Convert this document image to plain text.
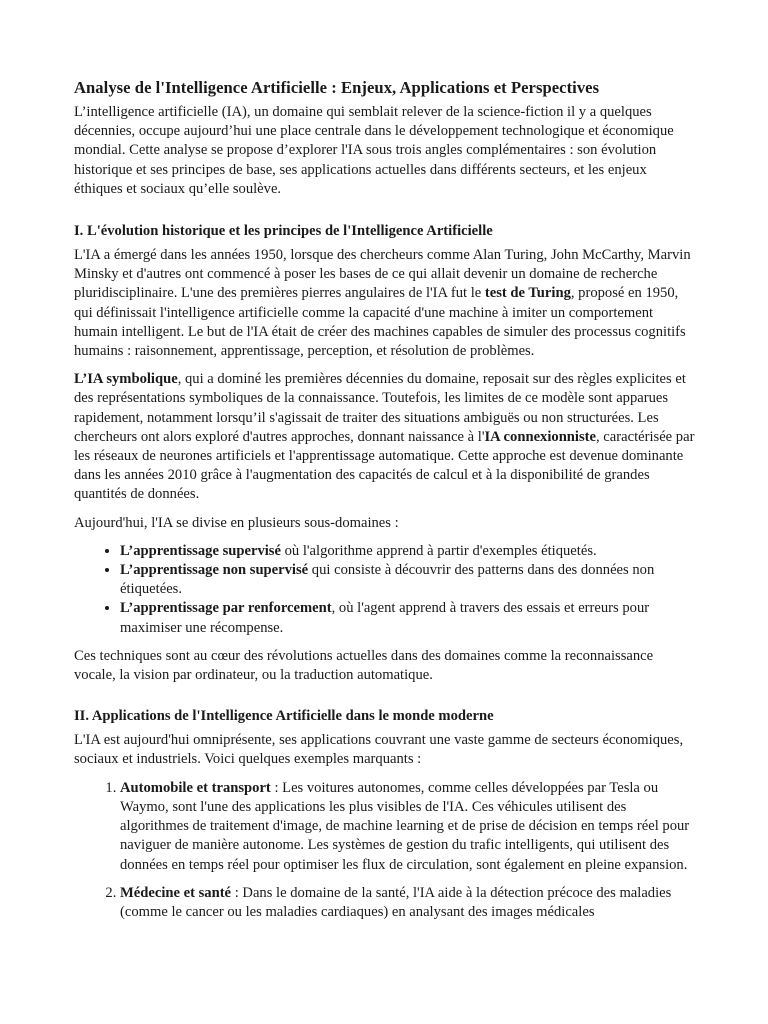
Analyse de l'Intelligence Artificielle : Enjeux, Applications et Perspectives

L’intelligence artificielle (IA), un domaine qui semblait relever de la science-fiction il y a quelques décennies, occupe aujourd’hui une place centrale dans le développement technologique et économique mondial. Cette analyse se propose d’explorer l'IA sous trois angles complémentaires : son évolution historique et ses principes de base, ses applications actuelles dans différents secteurs, et les enjeux éthiques et sociaux qu’elle soulève.

I. L'évolution historique et les principes de l'Intelligence Artificielle

L'IA a émergé dans les années 1950, lorsque des chercheurs comme Alan Turing, John McCarthy, Marvin Minsky et d'autres ont commencé à poser les bases de ce qui allait devenir un domaine de recherche pluridisciplinaire. L'une des premières pierres angulaires de l'IA fut le test de Turing, proposé en 1950, qui définissait l'intelligence artificielle comme la capacité d'une machine à imiter un comportement humain intelligent. Le but de l'IA était de créer des machines capables de simuler des processus cognitifs humains : raisonnement, apprentissage, perception, et résolution de problèmes.

L’IA symbolique, qui a dominé les premières décennies du domaine, reposait sur des règles explicites et des représentations symboliques de la connaissance. Toutefois, les limites de ce modèle sont apparues rapidement, notamment lorsqu’il s'agissait de traiter des situations ambiguës ou non structurées. Les chercheurs ont alors exploré d'autres approches, donnant naissance à l'IA connexionniste, caractérisée par les réseaux de neurones artificiels et l'apprentissage automatique. Cette approche est devenue dominante dans les années 2010 grâce à l'augmentation des capacités de calcul et à la disponibilité de grandes quantités de données.

Aujourd'hui, l'IA se divise en plusieurs sous-domaines :

• L’apprentissage supervisé où l'algorithme apprend à partir d'exemples étiquetés.
• L’apprentissage non supervisé qui consiste à découvrir des patterns dans des données non étiquetées.
• L’apprentissage par renforcement, où l'agent apprend à travers des essais et erreurs pour maximiser une récompense.

Ces techniques sont au cœur des révolutions actuelles dans des domaines comme la reconnaissance vocale, la vision par ordinateur, ou la traduction automatique.

II. Applications de l'Intelligence Artificielle dans le monde moderne

L'IA est aujourd'hui omniprésente, ses applications couvrant une vaste gamme de secteurs économiques, sociaux et industriels. Voici quelques exemples marquants :

1. Automobile et transport : Les voitures autonomes, comme celles développées par Tesla ou Waymo, sont l'une des applications les plus visibles de l'IA. Ces véhicules utilisent des algorithmes de traitement d'image, de machine learning et de prise de décision en temps réel pour naviguer de manière autonome. Les systèmes de gestion du trafic intelligents, qui utilisent des données en temps réel pour optimiser les flux de circulation, sont également en pleine expansion.
2. Médecine et santé : Dans le domaine de la santé, l'IA aide à la détection précoce des maladies (comme le cancer ou les maladies cardiaques) en analysant des images médicales
